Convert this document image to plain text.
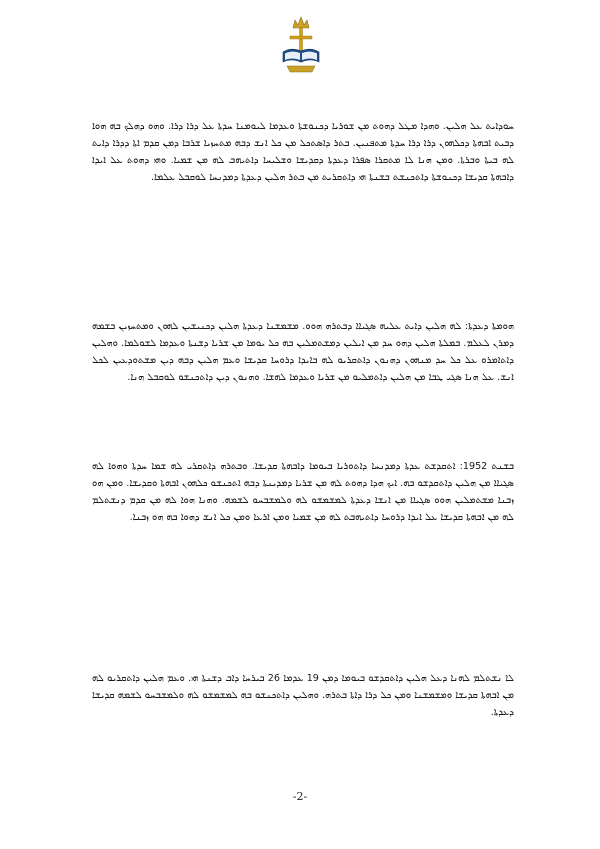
ܚܘܕܐܝܬ ܥܠ ܗܠܝܢ. ܘܗܕܐ ܡܛܠ ܕܗܘܬ ܡܢ ܫܘܪܝܐ ܕܟܢܘܫܬܐ ܘܥܕܡܐ ܠܝܘܡܢܐ ܚܕܬܐ ܥܠ ܕܪܐ ܕܪܐ. ܘܗܘ ܕܗܠܟ ܒܗ ܗܘܐ ܕܒܝܬ ܐܒܗܬܐ ܕܟܠܗܘܢ ܕܪܐ ܕܪܐ ܚܕܬܐ ܡܬܦܢܝܢ. ܒܬܪ ܕܐܣܬܟܠ ܡܢ ܟܠ ܐܢܫ ܕܒܗ ܡܬܚܙܝܐ ܫܪܒܐ ܕܡܢ ܩܕܡ ܐܬܐ ܕܕܪܐ ܕܐܝܬ ܠܗ ܒܝܬܐ ܘܒܪܬܐ. ܘܡܢ ܗܢܐ ܠܐ ܡܬܩܪܐ ܣܦܪܐ ܕܥܕܬܐ ܕܩܕܝܫܐ ܘܫܠܝܚܐ ܕܐܬܝܗܒ ܠܗ ܡܢ ܫܡܝܐ. ܘܗܝ ܕܗܘܬ ܥܠ ܐܝܕܐ ܕܐܒܗܬܐ ܩܕܝܫܐ ܕܟܢܘܫܬܐ ܕܐܬܟܢܫܬ ܒܫܢܬܐ ܗܝ ܕܐܬܩܪܝܬ ܡܢ ܒܬܪ ܗܠܝܢ ܕܥܕܬܐ ܕܡܕܢܚܐ ܠܘܩܒܠ ܥܠܡܐ.

ܗܘܡܬܐ ܕܥܕܬܐ: ܠܗ ܗܠܝܢ ܕܐܝܬ ܥܠܝܗ ܣܓܝܐܐ ܕܒܬܪܗ ܗܘܘ. ܡܫܡܫܢܐ ܕܥܕܬܐ ܗܠܝܢ ܕܟܢܝܫܝܢ ܠܗܘܢ ܘܡܬܚܙܝܢ ܒܫܡܗ ܕܡܪܢ ܠܥܠܡ. ܒܡܠܬܐ ܗܠܝܢ ܕܗܘ ܚܕ ܡܢ ܐܝܠܝܢ ܕܡܫܬܡܠܝܢ ܒܗ ܟܠ ܝܘܡܐ ܡܢ ܫܪܝܐ ܕܫܢܬܐ ܘܥܕܡܐ ܠܫܘܠܡܐ. ܘܗܠܝܢ ܕܐܬܐܡܪܘ ܥܠ ܟܠ ܚܕ ܡܢܗܘܢ ܕܗܢܘܢ ܕܐܬܩܪܝܘ ܠܗ ܒܐܝܕܐ ܕܪܘܚܐ ܩܕܝܫܐ ܘܥܡ ܗܠܝܢ ܕܒܗ ܕܝܢ ܡܫܬܘܕܥܝܢ ܠܟܠ ܐܢܫ. ܥܠ ܗܢܐ ܣܓܝ ܛܒܐ ܡܢ ܗܠܝܢ ܕܐܬܡܠܝܘ ܡܢ ܫܪܝܐ ܘܥܕܡܐ ܠܗܫܐ. ܘܗܢܘܢ ܕܝܢ ܕܐܬܟܢܫܘ ܠܘܩܒܠ ܗܢܐ.

ܒܫܢܬ 1952: ܐܬܩܕܫܬ ܥܕܬܐ ܕܡܕܢܚܐ ܕܐܬܘܪܝܐ ܒܝܘܡܐ ܕܐܒܗܬܐ ܩܕܝܫܐ. ܘܒܬܪܗ ܕܐܬܩܪܝ ܠܗ ܫܡܐ ܚܕܬܐ ܘܗܘܐ ܠܗ ܣܓܝܐܐ ܡܢ ܗܠܝܢ ܕܐܬܩܕܫܘ ܒܗ. ܐܝܟ ܗܕܐ ܕܗܘܬ ܠܗ ܡܢ ܫܪܝܐ ܕܡܕܝܢܬܐ ܕܒܗ ܐܬܟܢܫܘ ܟܠܗܘܢ ܐܒܗܬܐ ܘܩܕܝܫܐ. ܘܡܢ ܗܘ ܙܒܢܐ ܡܫܬܡܠܝܢ ܗܘܘ ܣܓܝܐܐ ܡܢ ܐܢܫܐ ܕܥܕܬܐ ܠܡܫܡܫܘ ܠܗ ܘܠܡܫܒܚܘ ܠܫܡܗ. ܘܗܢܐ ܗܘܐ ܠܗ ܡܢ ܩܕܡ ܕܢܫܬܠܡ ܠܗ ܡܢ ܐܒܗܬܐ ܩܕܝܫܐ ܥܠ ܐܝܕܐ ܕܪܘܚܐ ܕܐܬܝܗܒܬ ܠܗ ܡܢ ܫܡܝܐ ܘܡܢ ܐܪܥܐ ܘܡܢ ܟܠ ܐܢܫ ܕܗܘܐ ܒܗ ܗܘ ܙܒܢܐ.

ܠܐ ܢܫܬܠܡ ܠܗܢܐ ܕܥܠ ܗܠܝܢ ܕܐܬܩܕܫܘ ܒܝܘܡܐ ܕܡܢ 19 ܥܕܡܐ 26 ܒܝܪܚܐ ܕܐܒ ܕܫܢܬܐ ܗܝ. ܘܥܡ ܗܠܝܢ ܕܐܬܩܪܝܘ ܠܗ ܡܢ ܐܒܗܬܐ ܩܕܝܫܐ ܘܡܫܡܫܢܐ ܘܡܢ ܟܠ ܕܪܐ ܕܐܬܐ ܒܬܪܗ. ܘܗܠܝܢ ܕܐܬܟܢܫܘ ܒܗ ܠܡܫܡܫܘ ܠܗ ܘܠܡܫܒܚܘ ܠܫܡܗ ܩܕܝܫܐ ܕܥܕܬܐ.

-2-
